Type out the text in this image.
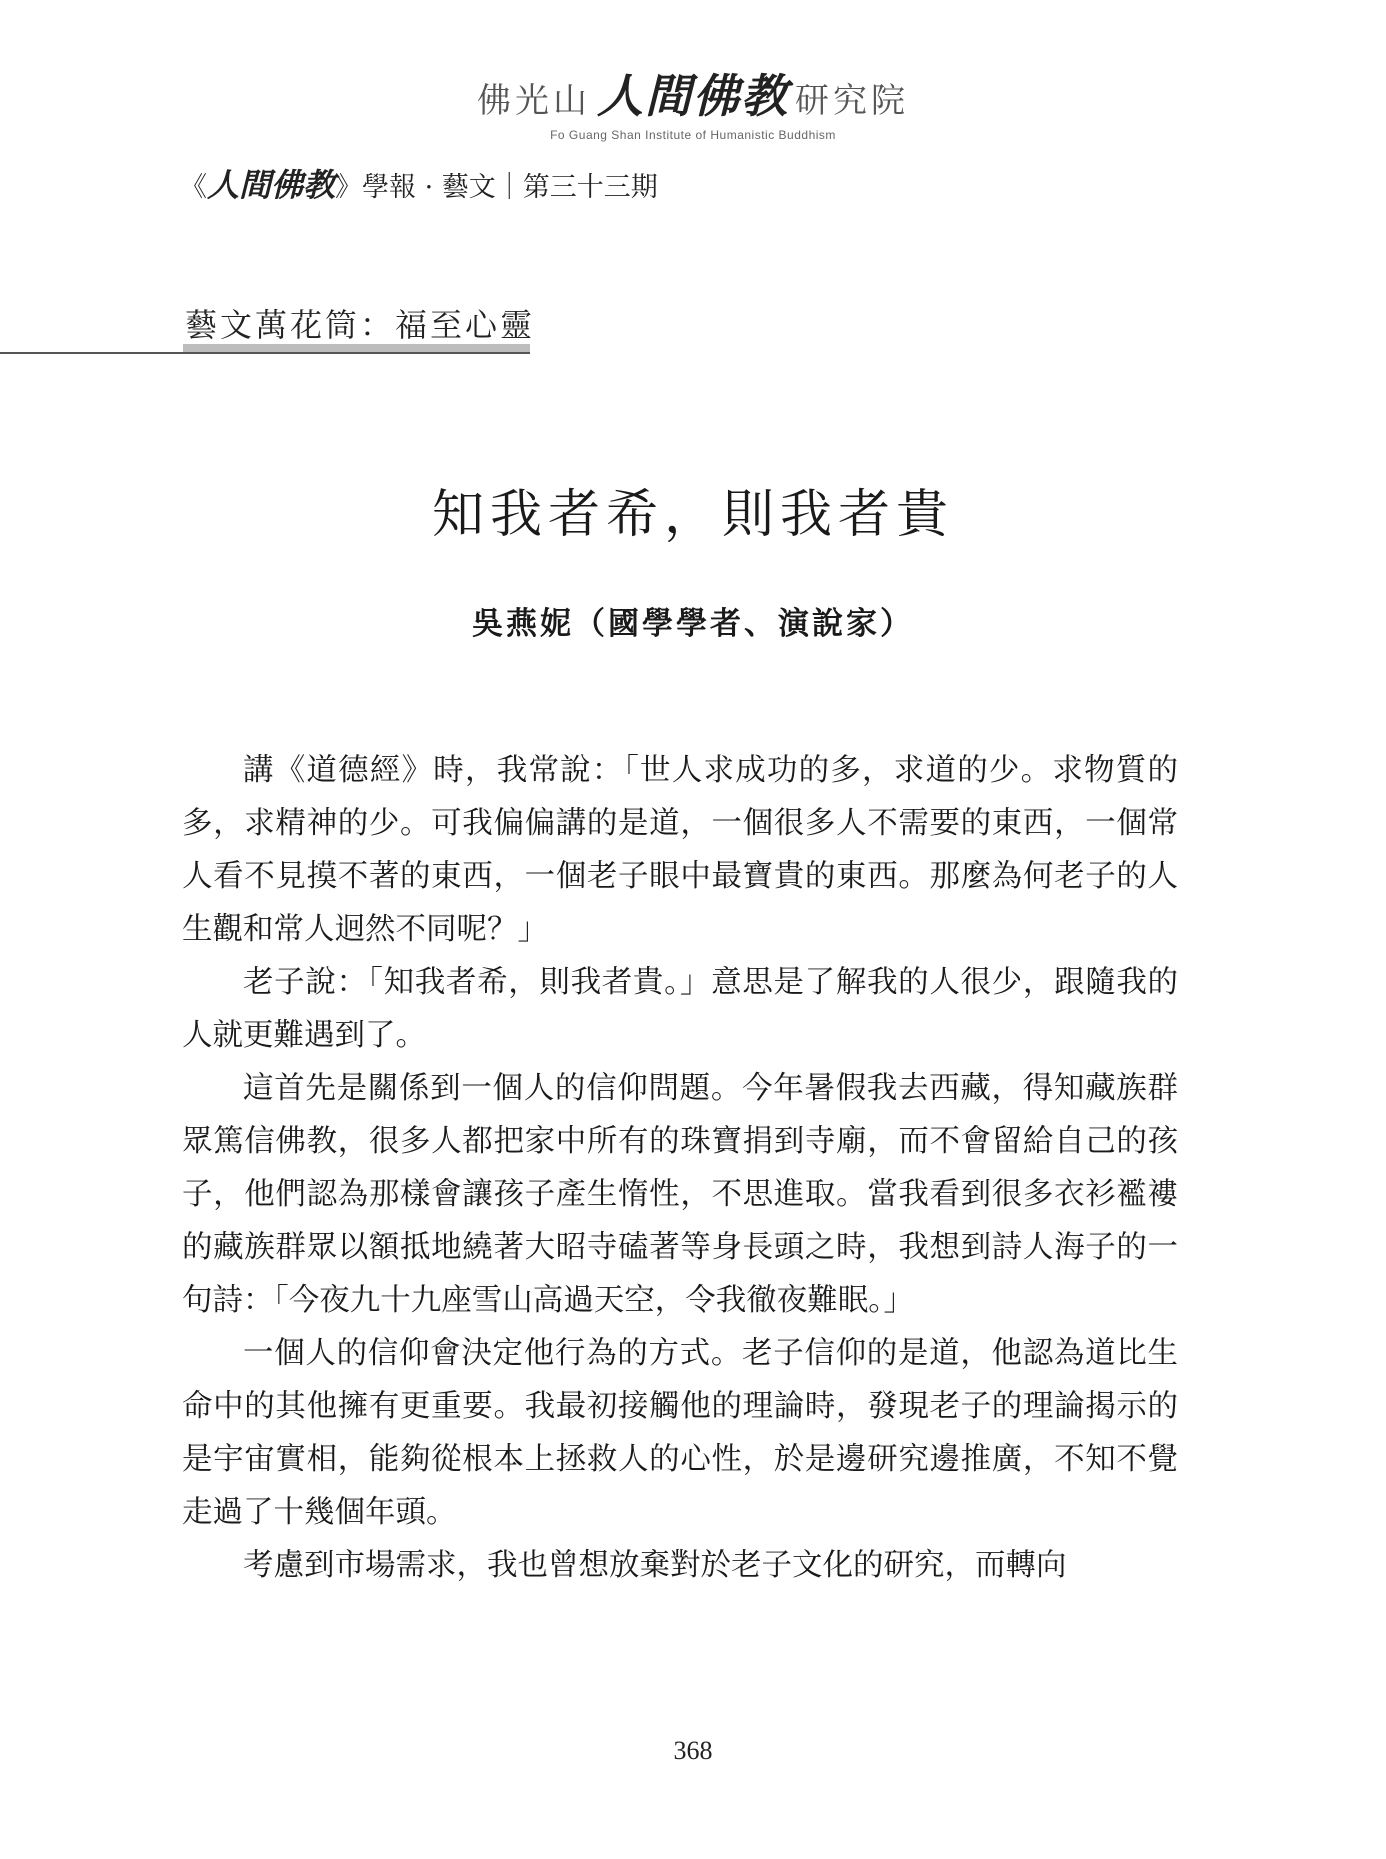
佛光山 人間佛教 研究院
Fo Guang Shan Institute of Humanistic Buddhism
《人間佛教》學報 · 藝文｜第三十三期
藝文萬花筒：福至心靈
知我者希，則我者貴
吳燕妮（國學學者、演說家）

講《道德經》時，我常說：「世人求成功的多，求道的少。求物質的多，求精神的少。可我偏偏講的是道，一個很多人不需要的東西，一個常人看不見摸不著的東西，一個老子眼中最寶貴的東西。那麼為何老子的人生觀和常人迥然不同呢？」

老子說：「知我者希，則我者貴。」意思是了解我的人很少，跟隨我的人就更難遇到了。

這首先是關係到一個人的信仰問題。今年暑假我去西藏，得知藏族群眾篤信佛教，很多人都把家中所有的珠寶捐到寺廟，而不會留給自己的孩子，他們認為那樣會讓孩子產生惰性，不思進取。當我看到很多衣衫襤褸的藏族群眾以額抵地繞著大昭寺磕著等身長頭之時，我想到詩人海子的一句詩：「今夜九十九座雪山高過天空，令我徹夜難眠。」

一個人的信仰會決定他行為的方式。老子信仰的是道，他認為道比生命中的其他擁有更重要。我最初接觸他的理論時，發現老子的理論揭示的是宇宙實相，能夠從根本上拯救人的心性，於是邊研究邊推廣，不知不覺走過了十幾個年頭。

考慮到市場需求，我也曾想放棄對於老子文化的研究，而轉向

368
